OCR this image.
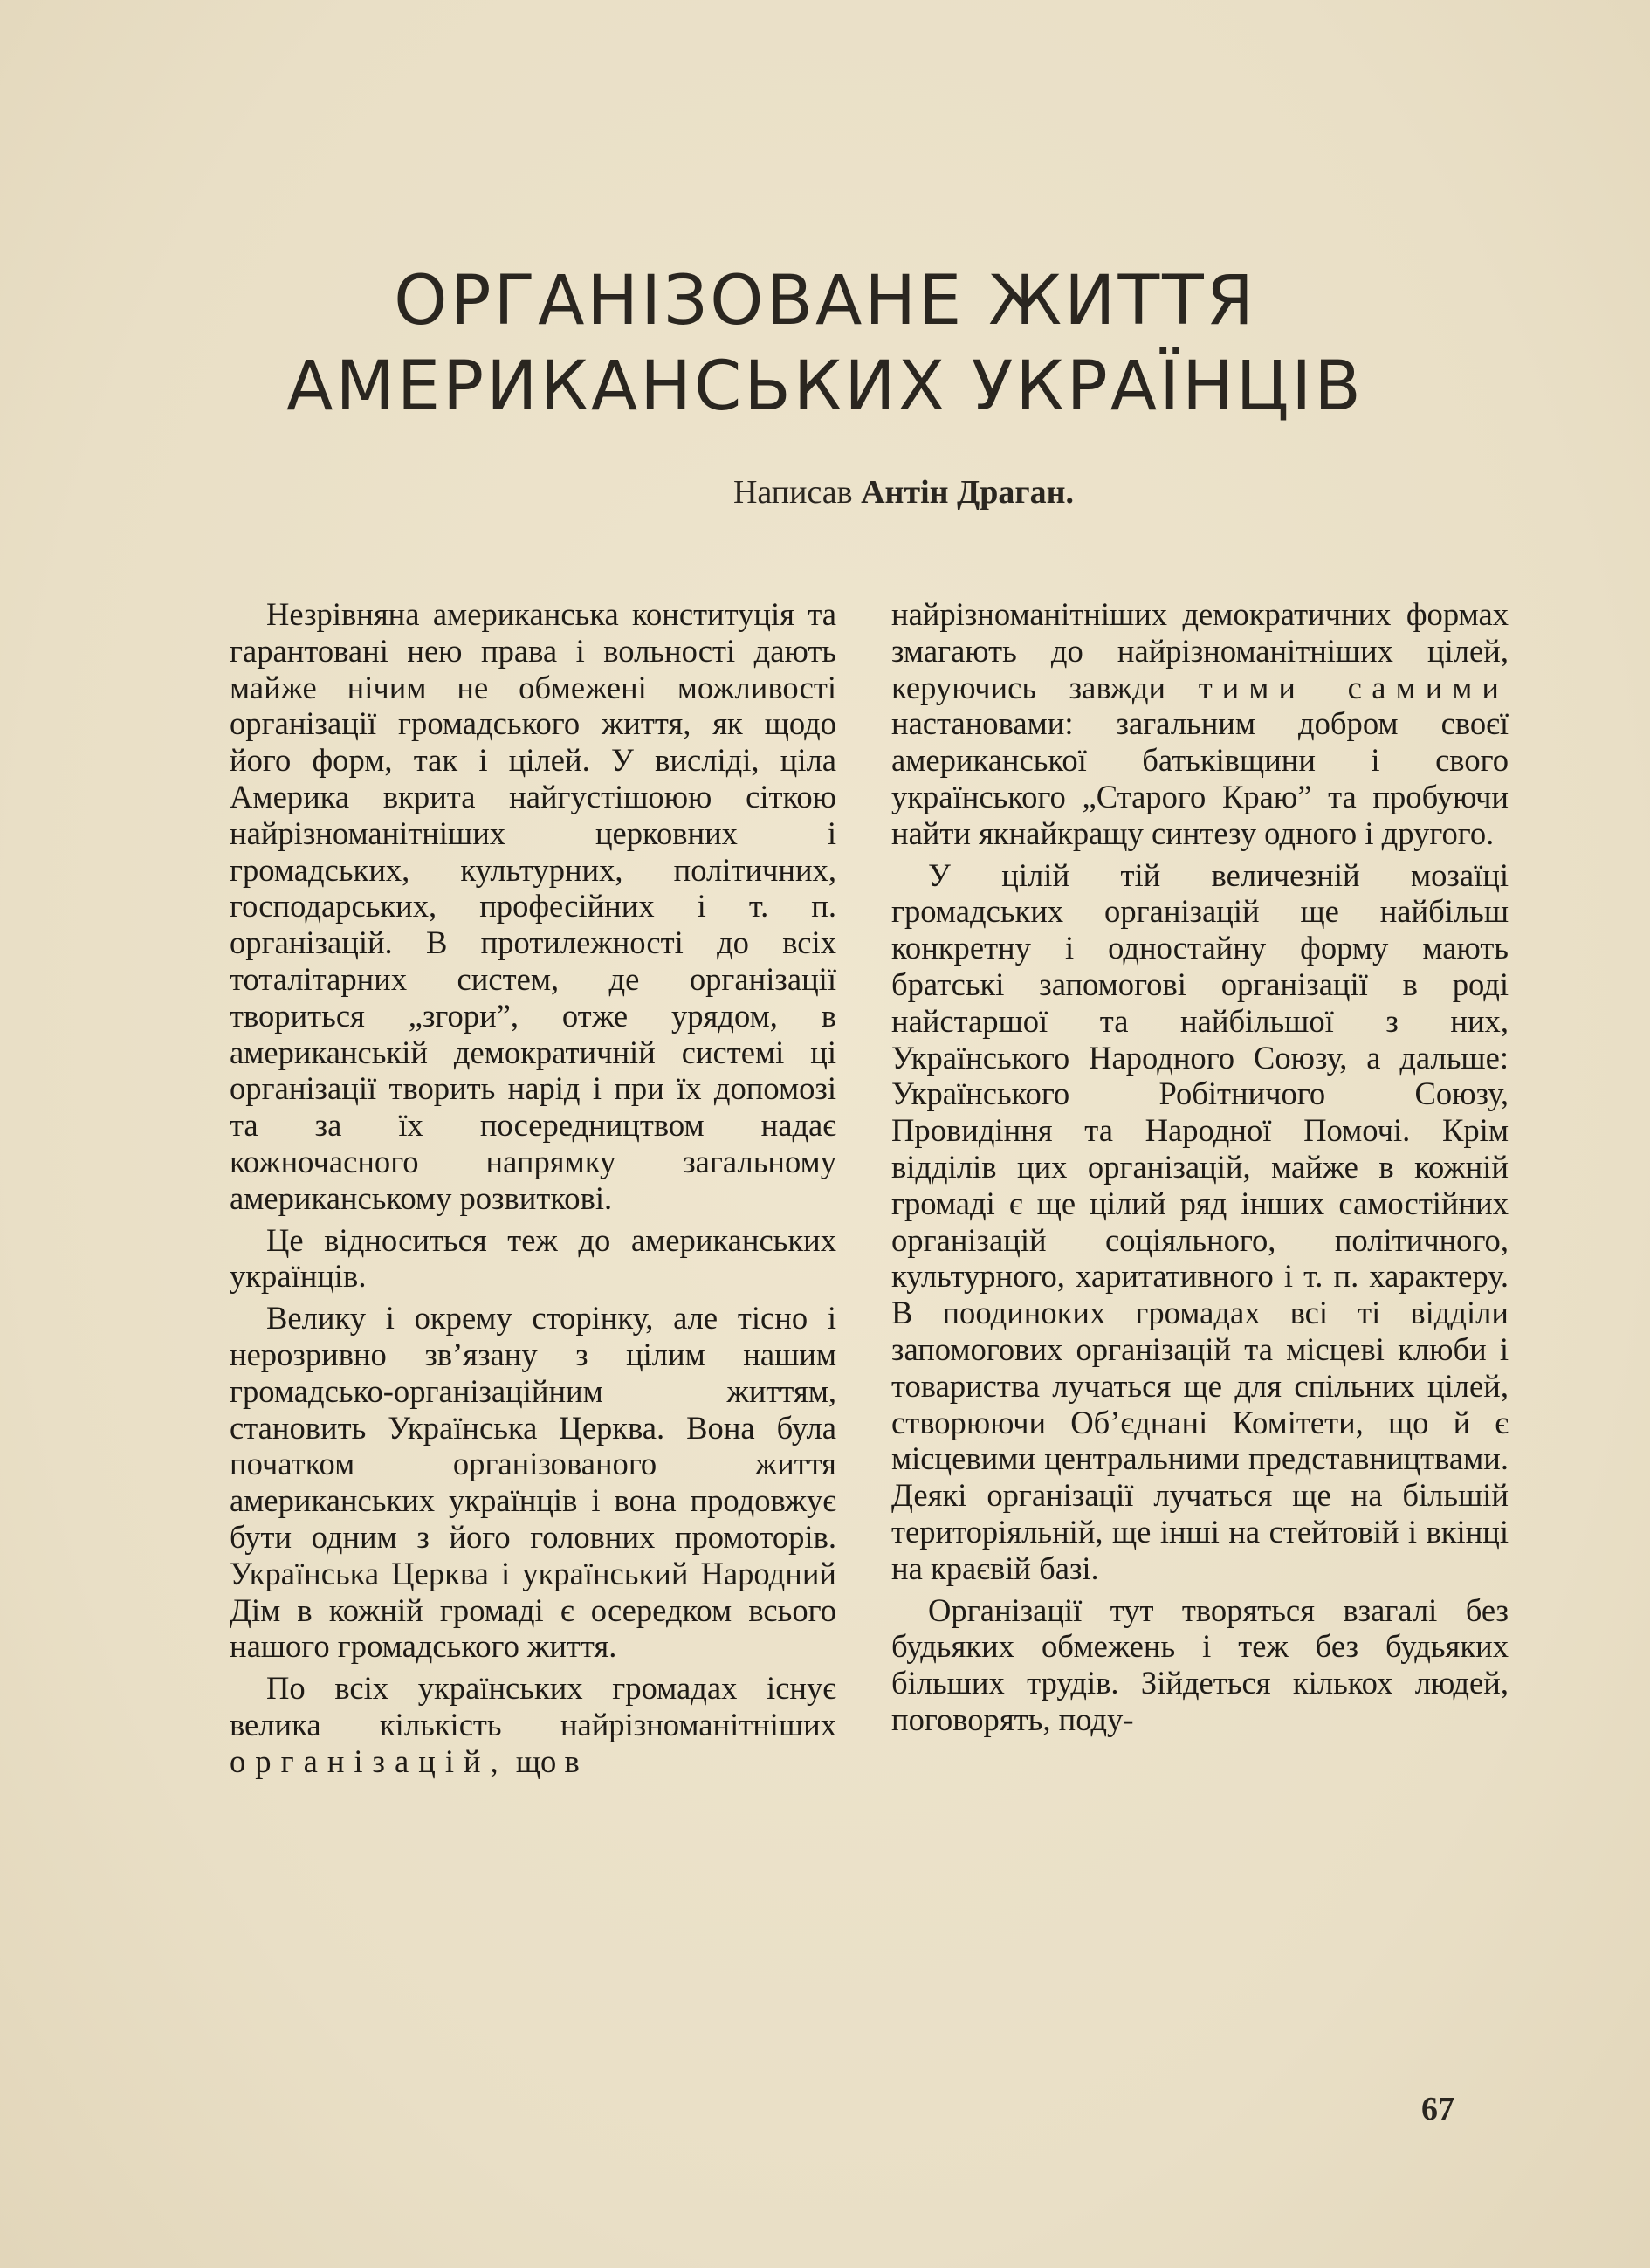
ОРГАНІЗОВАНЕ ЖИТТЯ
АМЕРИКАНСЬКИХ УКРАЇНЦІВ
Написав Антін Драган.

Незрівняна американська конституція та гарантовані нею права і вольності дають майже нічим не обмежені можливості організації громадського життя, як щодо його форм, так і цілей. У висліді, ціла Америка вкрита найгустішоюю сіткою найрізноманітніших церковних і громадських, культурних, політичних, господарських, професійних і т. п. організацій. В протилежності до всіх тоталітарних систем, де організації твориться „згори”, отже урядом, в американській демократичній системі ці організації творить нарід і при їх допомозі та за їх посередництвом надає кожночасного напрямку загальному американському розвиткові.

Це відноситься теж до американських українців.

Велику і окрему сторінку, але тісно і нерозривно зв’язану з цілим нашим громадсько-організаційним життям, становить Українська Церква. Вона була початком організованого життя американських українців і вона продовжує бути одним з його головних промоторів. Українська Церква і український Народний Дім в кожній громаді є осередком всього нашого громадського життя.

По всіх українських громадах існує велика кількість найрізноманітніших організацій, що в

найрізноманітніших демократичних формах змагають до найрізноманітніших цілей, керуючись завжди тими самими настановами: загальним добром своєї американської батьківщини і свого українського „Старого Краю” та пробуючи найти якнайкращу синтезу одного і другого.

У цілій тій величезній мозаїці громадських організацій ще найбільш конкретну і одностайну форму мають братські запомогові організації в роді найстаршої та найбільшої з них, Українського Народного Союзу, а дальше: Українського Робітничого Союзу, Провидіння та Народної Помочі. Крім відділів цих організацій, майже в кожній громаді є ще цілий ряд інших самостійних організацій соціяльного, політичного, культурного, харитативного і т. п. характеру. В поодиноких громадах всі ті відділи запомогових організацій та місцеві клюби і товариства лучаться ще для спільних цілей, створюючи Об’єднані Комітети, що й є місцевими центральними представництвами. Деякі організації лучаться ще на більшій територіяльній, ще інші на стейтовій і вкінці на краєвій базі.

Організації тут творяться взагалі без будьяких обмежень і теж без будьяких більших трудів. Зійдеться кількох людей, поговорять, поду-

67
